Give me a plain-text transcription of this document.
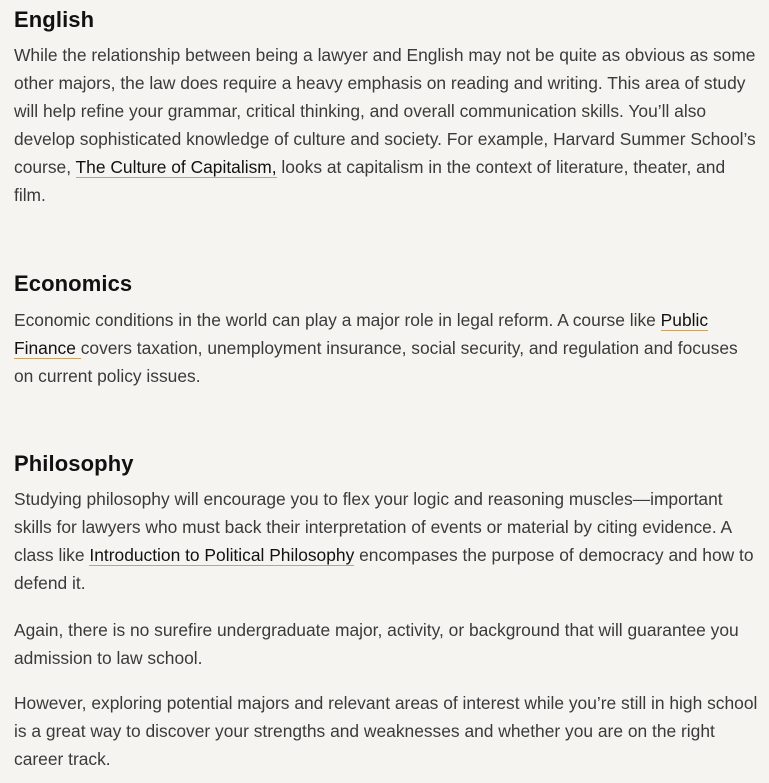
English

While the relationship between being a lawyer and English may not be quite as obvious as some other majors, the law does require a heavy emphasis on reading and writing. This area of study will help refine your grammar, critical thinking, and overall communication skills. You’ll also develop sophisticated knowledge of culture and society. For example, Harvard Summer School’s course, The Culture of Capitalism, looks at capitalism in the context of literature, theater, and film.

Economics

Economic conditions in the world can play a major role in legal reform. A course like Public Finance covers taxation, unemployment insurance, social security, and regulation and focuses on current policy issues.

Philosophy

Studying philosophy will encourage you to flex your logic and reasoning muscles—important skills for lawyers who must back their interpretation of events or material by citing evidence. A class like Introduction to Political Philosophy encompases the purpose of democracy and how to defend it.

Again, there is no surefire undergraduate major, activity, or background that will guarantee you admission to law school.

However, exploring potential majors and relevant areas of interest while you’re still in high school is a great way to discover your strengths and weaknesses and whether you are on the right career track.
